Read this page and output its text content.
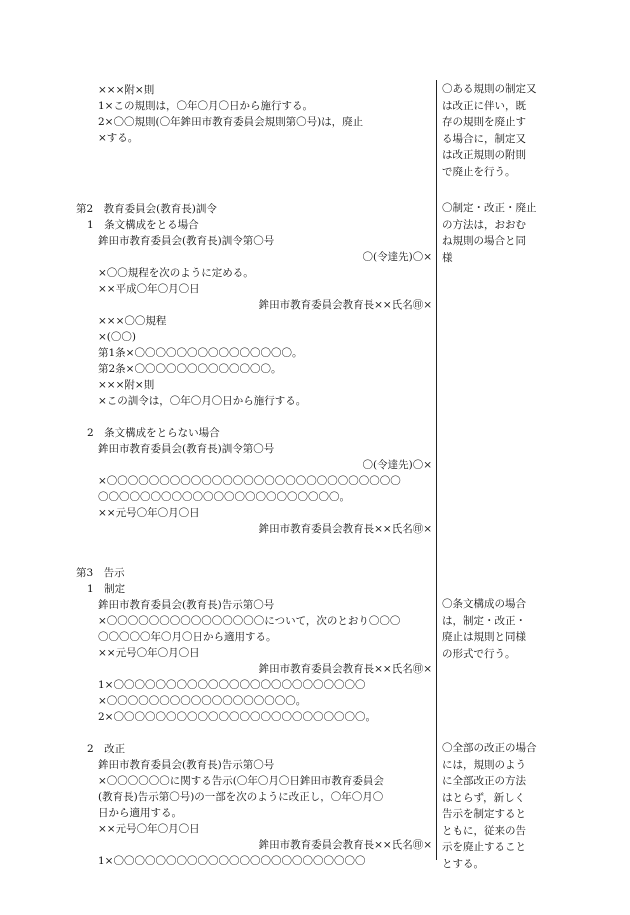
×××附×則
1×この規則は，〇年〇月〇日から施行する。
2×〇〇規則(〇年鉾田市教育委員会規則第〇号)は，廃止
×する。
〇ある規則の制定又
は改正に伴い，既
存の規則を廃止す
る場合に，制定又
は改正規則の附則
で廃止を行う。
第2　教育委員会(教育長)訓令
1　条文構成をとる場合
鉾田市教育委員会(教育長)訓令第〇号
〇(令達先)〇×
×〇〇規程を次のように定める。
××平成〇年〇月〇日
鉾田市教育委員会教育長××氏名㊞×
×××〇〇規程
×(〇〇)
第1条×〇〇〇〇〇〇〇〇〇〇〇〇〇〇〇。
第2条×〇〇〇〇〇〇〇〇〇〇〇〇〇。
×××附×則
×この訓令は，〇年〇月〇日から施行する。
2　条文構成をとらない場合
鉾田市教育委員会(教育長)訓令第〇号
〇(令達先)〇×
×〇〇〇〇〇〇〇〇〇〇〇〇〇〇〇〇〇〇〇〇〇〇〇〇〇〇〇〇
〇〇〇〇〇〇〇〇〇〇〇〇〇〇〇〇〇〇〇〇〇〇〇。
××元号〇年〇月〇日
鉾田市教育委員会教育長××氏名㊞×
〇制定・改正・廃止
の方法は，おおむ
ね規則の場合と同
様
第3　告示
1　制定
鉾田市教育委員会(教育長)告示第〇号
×〇〇〇〇〇〇〇〇〇〇〇〇〇〇〇について，次のとおり〇〇〇
〇〇〇〇〇年〇月〇日から適用する。
××元号〇年〇月〇日
鉾田市教育委員会教育長××氏名㊞×
1×〇〇〇〇〇〇〇〇〇〇〇〇〇〇〇〇〇〇〇〇〇〇〇〇
×〇〇〇〇〇〇〇〇〇〇〇〇〇〇〇〇〇〇。
2×〇〇〇〇〇〇〇〇〇〇〇〇〇〇〇〇〇〇〇〇〇〇〇〇。
〇条文構成の場合
は，制定・改正・
廃止は規則と同様
の形式で行う。
2　改正
鉾田市教育委員会(教育長)告示第〇号
×〇〇〇〇〇〇に関する告示(〇年〇月〇日鉾田市教育委員会
(教育長)告示第〇号)の一部を次のように改正し，〇年〇月〇
日から適用する。
××元号〇年〇月〇日
鉾田市教育委員会教育長××氏名㊞×
1×〇〇〇〇〇〇〇〇〇〇〇〇〇〇〇〇〇〇〇〇〇〇〇〇
〇全部の改正の場合
には，規則のよう
に全部改正の方法
はとらず，新しく
告示を制定すると
ともに，従来の告
示を廃止すること
とする。
